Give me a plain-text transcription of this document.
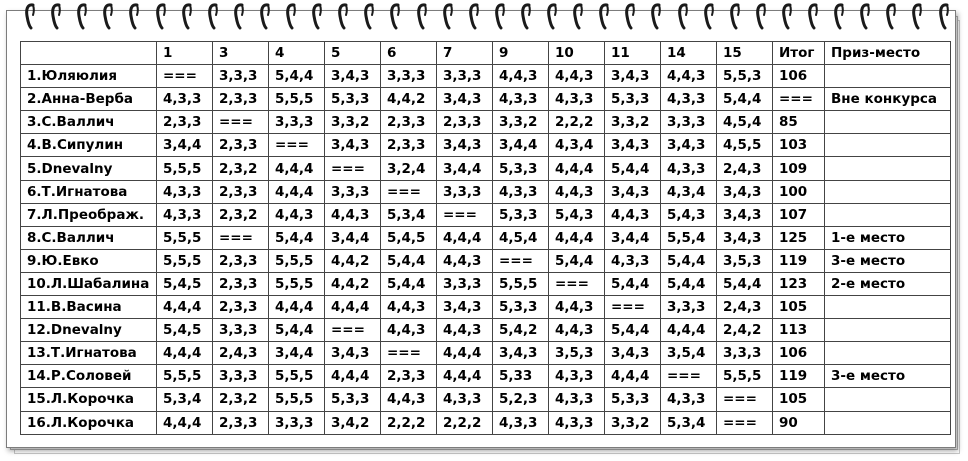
	1	3	4	5	6	7	9	10	11	14	15	Итог	Приз-место
1.Юляюлия	===	3,3,3	5,4,4	3,4,3	3,3,3	3,3,3	4,4,3	4,4,3	3,4,3	4,4,3	5,5,3	106	
2.Анна-Верба	4,3,3	2,3,3	5,5,5	5,3,3	4,4,2	3,4,3	4,3,3	4,3,3	5,3,3	4,3,3	5,4,4	===	Вне конкурса
3.С.Валлич	2,3,3	===	3,3,3	3,3,2	2,3,3	2,3,3	3,3,2	2,2,2	3,3,2	3,3,3	4,5,4	85	
4.В.Сипулин	3,4,4	2,3,3	===	3,4,3	2,3,3	3,4,3	3,4,4	4,3,4	3,4,3	3,4,3	4,5,5	103	
5.Dnevalny	5,5,5	2,3,2	4,4,4	===	3,2,4	3,4,4	5,3,3	4,4,4	5,4,4	4,3,3	2,4,3	109	
6.Т.Игнатова	4,3,3	2,3,3	4,4,4	3,3,3	===	3,3,3	4,3,3	4,4,3	3,4,3	4,3,4	3,4,3	100	
7.Л.Преображ.	4,3,3	2,3,2	4,4,3	4,4,3	5,3,4	===	5,3,3	5,4,3	4,4,3	5,4,3	3,4,3	107	
8.С.Валлич	5,5,5	===	5,4,4	3,4,4	5,4,5	4,4,4	4,5,4	4,4,4	3,4,4	5,5,4	3,4,3	125	1-е место
9.Ю.Евко	5,5,5	2,3,3	5,5,5	4,4,2	5,4,4	4,4,3	===	5,4,4	4,3,3	5,4,4	3,5,3	119	3-е место
10.Л.Шабалина	5,4,5	2,3,3	5,5,5	4,4,2	5,4,4	3,3,3	5,5,5	===	5,4,4	5,4,4	5,4,4	123	2-е место
11.В.Васина	4,4,4	2,3,3	4,4,4	4,4,4	4,4,3	3,4,3	5,3,3	4,4,3	===	3,3,3	2,4,3	105	
12.Dnevalny	5,4,5	3,3,3	5,4,4	===	4,4,3	4,4,3	5,4,2	4,4,3	5,4,4	4,4,4	2,4,2	113	
13.Т.Игнатова	4,4,4	2,4,3	3,4,4	3,4,3	===	4,4,4	3,4,3	3,5,3	3,4,3	3,5,4	3,3,3	106	
14.Р.Соловей	5,5,5	3,3,3	5,5,5	4,4,4	2,3,3	4,4,4	5,33	4,3,3	4,4,4	===	5,5,5	119	3-е место
15.Л.Корочка	5,3,4	2,3,2	5,5,5	5,3,3	4,4,3	4,3,3	5,2,3	4,3,3	5,3,3	4,3,3	===	105	
16.Л.Корочка	4,4,4	2,3,3	3,3,3	3,4,2	2,2,2	2,2,2	4,3,3	4,3,3	3,3,2	5,3,4	===	90	
